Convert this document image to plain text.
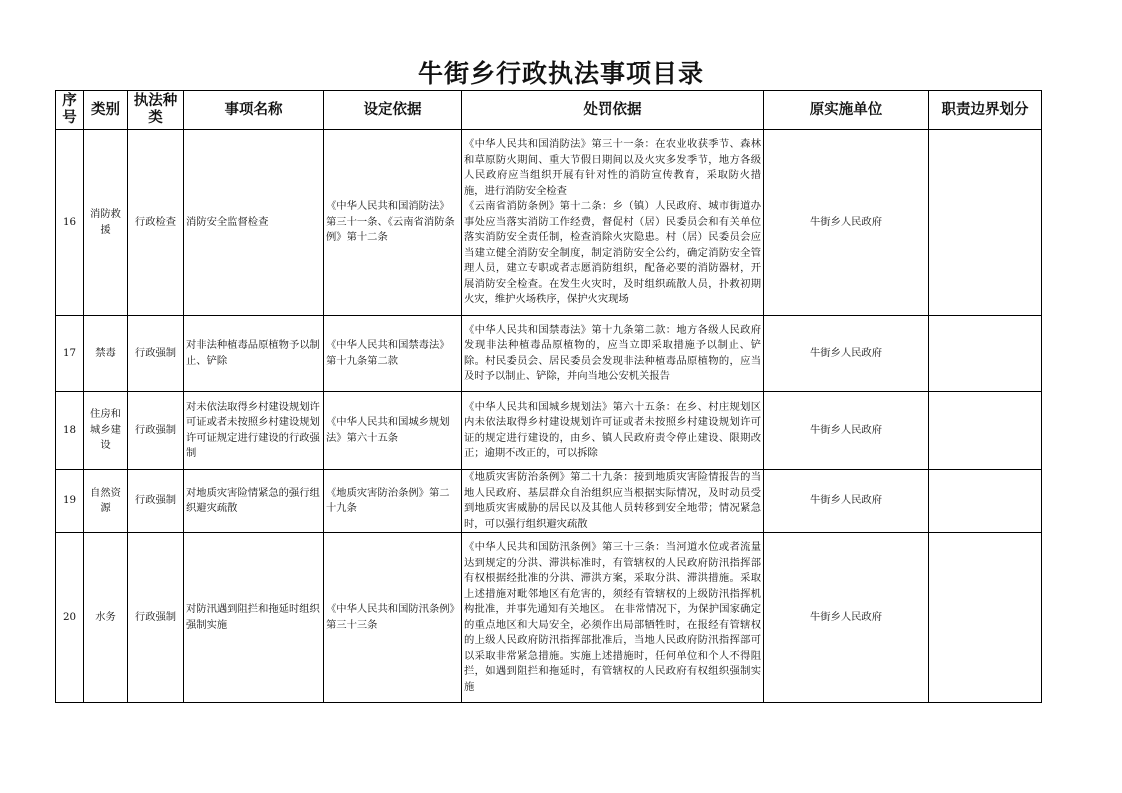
牛街乡行政执法事项目录
序号	类别	执法种类	事项名称	设定依据	处罚依据	原实施单位	职责边界划分
16	消防救援	行政检查	消防安全监督检查	《中华人民共和国消防法》第三十一条、《云南省消防条例》第十二条	《中华人民共和国消防法》第三十一条：在农业收获季节、森林和草原防火期间、重大节假日期间以及火灾多发季节，地方各级人民政府应当组织开展有针对性的消防宣传教育，采取防火措施，进行消防安全检查
《云南省消防条例》第十二条：乡（镇）人民政府、城市街道办事处应当落实消防工作经费，督促村（居）民委员会和有关单位落实消防安全责任制，检查消除火灾隐患。村（居）民委员会应当建立健全消防安全制度，制定消防安全公约，确定消防安全管理人员，建立专职或者志愿消防组织，配备必要的消防器材，开展消防安全检查。在发生火灾时，及时组织疏散人员，扑救初期火灾，维护火场秩序，保护火灾现场	牛街乡人民政府	
17	禁毒	行政强制	对非法种植毒品原植物予以制止、铲除	《中华人民共和国禁毒法》第十九条第二款	《中华人民共和国禁毒法》第十九条第二款：地方各级人民政府发现非法种植毒品原植物的，应当立即采取措施予以制止、铲除。村民委员会、居民委员会发现非法种植毒品原植物的，应当及时予以制止、铲除，并向当地公安机关报告	牛街乡人民政府	
18	住房和城乡建设	行政强制	对未依法取得乡村建设规划许可证或者未按照乡村建设规划许可证规定进行建设的行政强制	《中华人民共和国城乡规划法》第六十五条	《中华人民共和国城乡规划法》第六十五条：在乡、村庄规划区内未依法取得乡村建设规划许可证或者未按照乡村建设规划许可证的规定进行建设的，由乡、镇人民政府责令停止建设、限期改正；逾期不改正的，可以拆除	牛街乡人民政府	
19	自然资源	行政强制	对地质灾害险情紧急的强行组织避灾疏散	《地质灾害防治条例》第二十九条	《地质灾害防治条例》第二十九条：接到地质灾害险情报告的当地人民政府、基层群众自治组织应当根据实际情况，及时动员受到地质灾害威胁的居民以及其他人员转移到安全地带；情况紧急时，可以强行组织避灾疏散	牛街乡人民政府	
20	水务	行政强制	对防汛遇到阻拦和拖延时组织强制实施	《中华人民共和国防汛条例》第三十三条	《中华人民共和国防汛条例》第三十三条：当河道水位或者流量达到规定的分洪、滞洪标准时，有管辖权的人民政府防汛指挥部有权根据经批准的分洪、滞洪方案，采取分洪、滞洪措施。采取上述措施对毗邻地区有危害的，须经有管辖权的上级防汛指挥机构批准，并事先通知有关地区。 在非常情况下，为保护国家确定的重点地区和大局安全，必须作出局部牺牲时，在报经有管辖权的上级人民政府防汛指挥部批准后，当地人民政府防汛指挥部可以采取非常紧急措施。实施上述措施时，任何单位和个人不得阻拦，如遇到阻拦和拖延时，有管辖权的人民政府有权组织强制实施	牛街乡人民政府	
